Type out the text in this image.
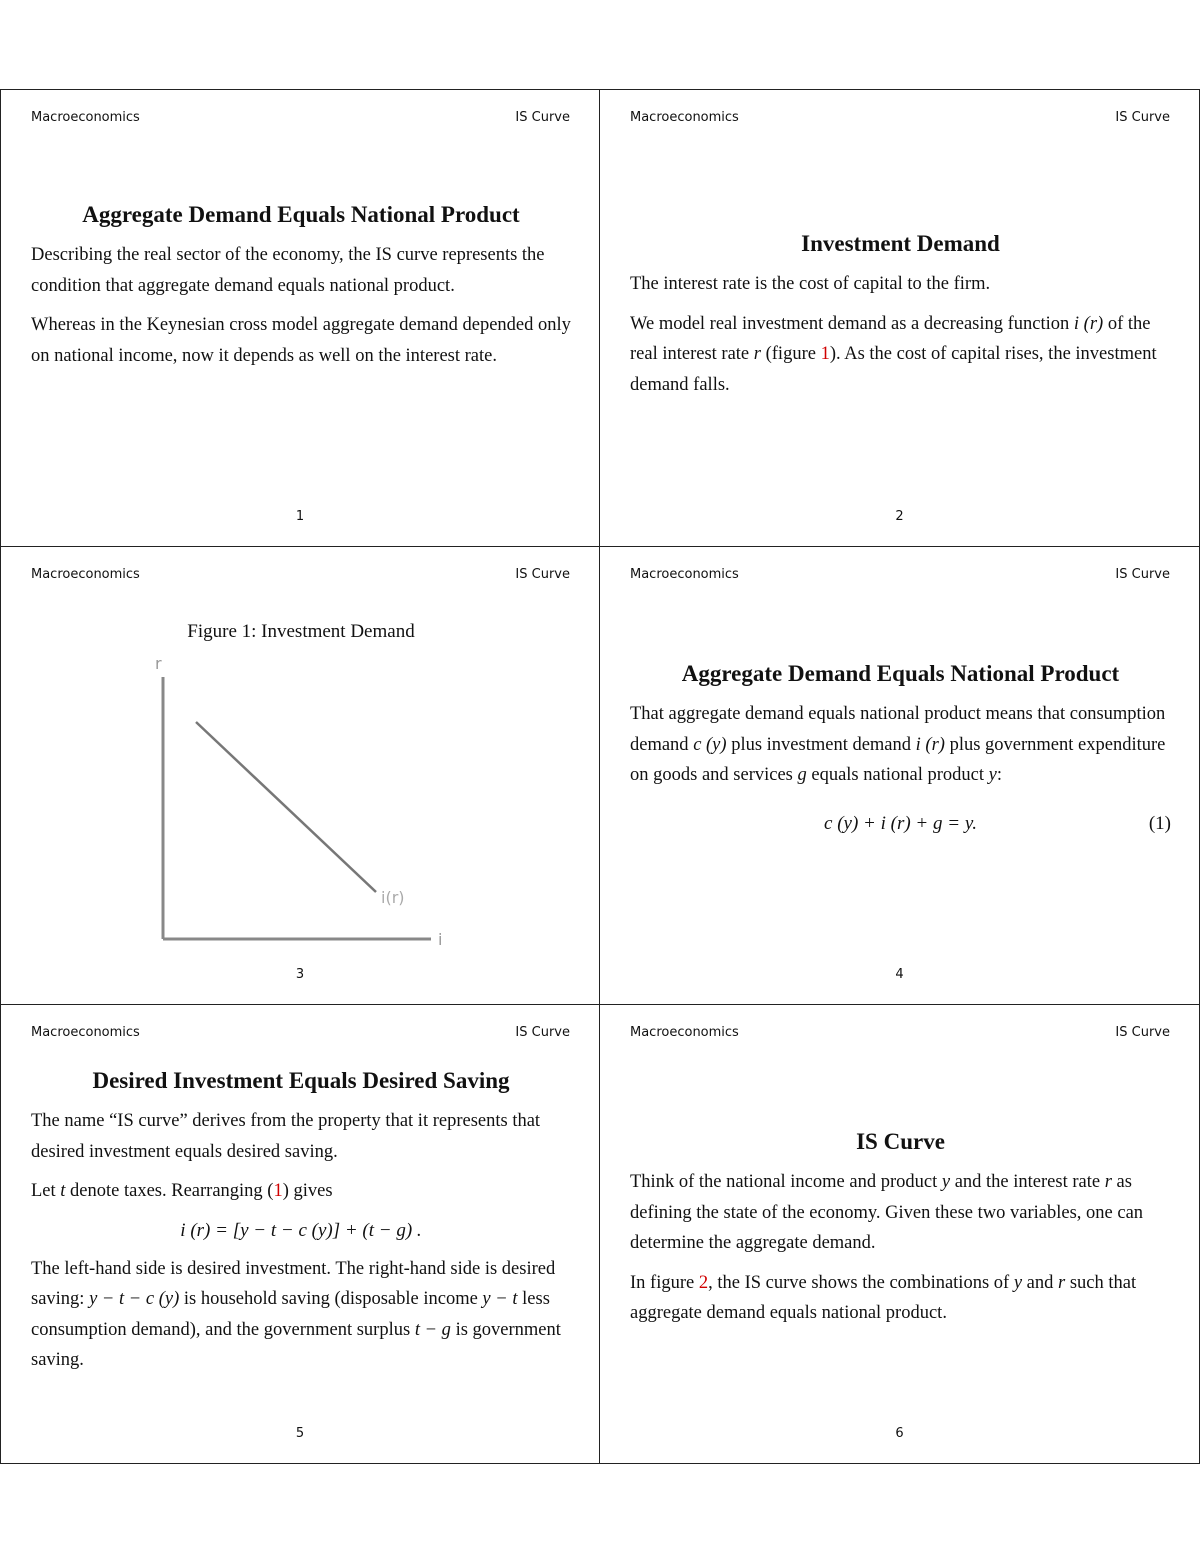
Macroeconomics	IS Curve
Aggregate Demand Equals National Product

Describing the real sector of the economy, the IS curve represents the condition that aggregate demand equals national product.

Whereas in the Keynesian cross model aggregate demand depended only on national income, now it depends as well on the interest rate.

1
Macroeconomics	IS Curve
Investment Demand

The interest rate is the cost of capital to the firm.

We model real investment demand as a decreasing function i (r) of the real interest rate r (figure 1). As the cost of capital rises, the investment demand falls.

2
Macroeconomics	IS Curve

Figure 1: Investment Demand

r
i
i(r)
3
Macroeconomics	IS Curve
Aggregate Demand Equals National Product

That aggregate demand equals national product means that consumption demand c (y) plus investment demand i (r) plus government expenditure on goods and services g equals national product y:

c (y) + i (r) + g = y.	(1)
4
Macroeconomics	IS Curve
Desired Investment Equals Desired Saving

The name “IS curve” derives from the property that it represents that desired investment equals desired saving.

Let t denote taxes. Rearranging (1) gives

i (r) = [y − t − c (y)] + (t − g) .

The left-hand side is desired investment. The right-hand side is desired saving: y − t − c (y) is household saving (disposable income y − t less consumption demand), and the government surplus t − g is government saving.

5
Macroeconomics	IS Curve
IS Curve

Think of the national income and product y and the interest rate r as defining the state of the economy. Given these two variables, one can determine the aggregate demand.

In figure 2, the IS curve shows the combinations of y and r such that aggregate demand equals national product.

6
